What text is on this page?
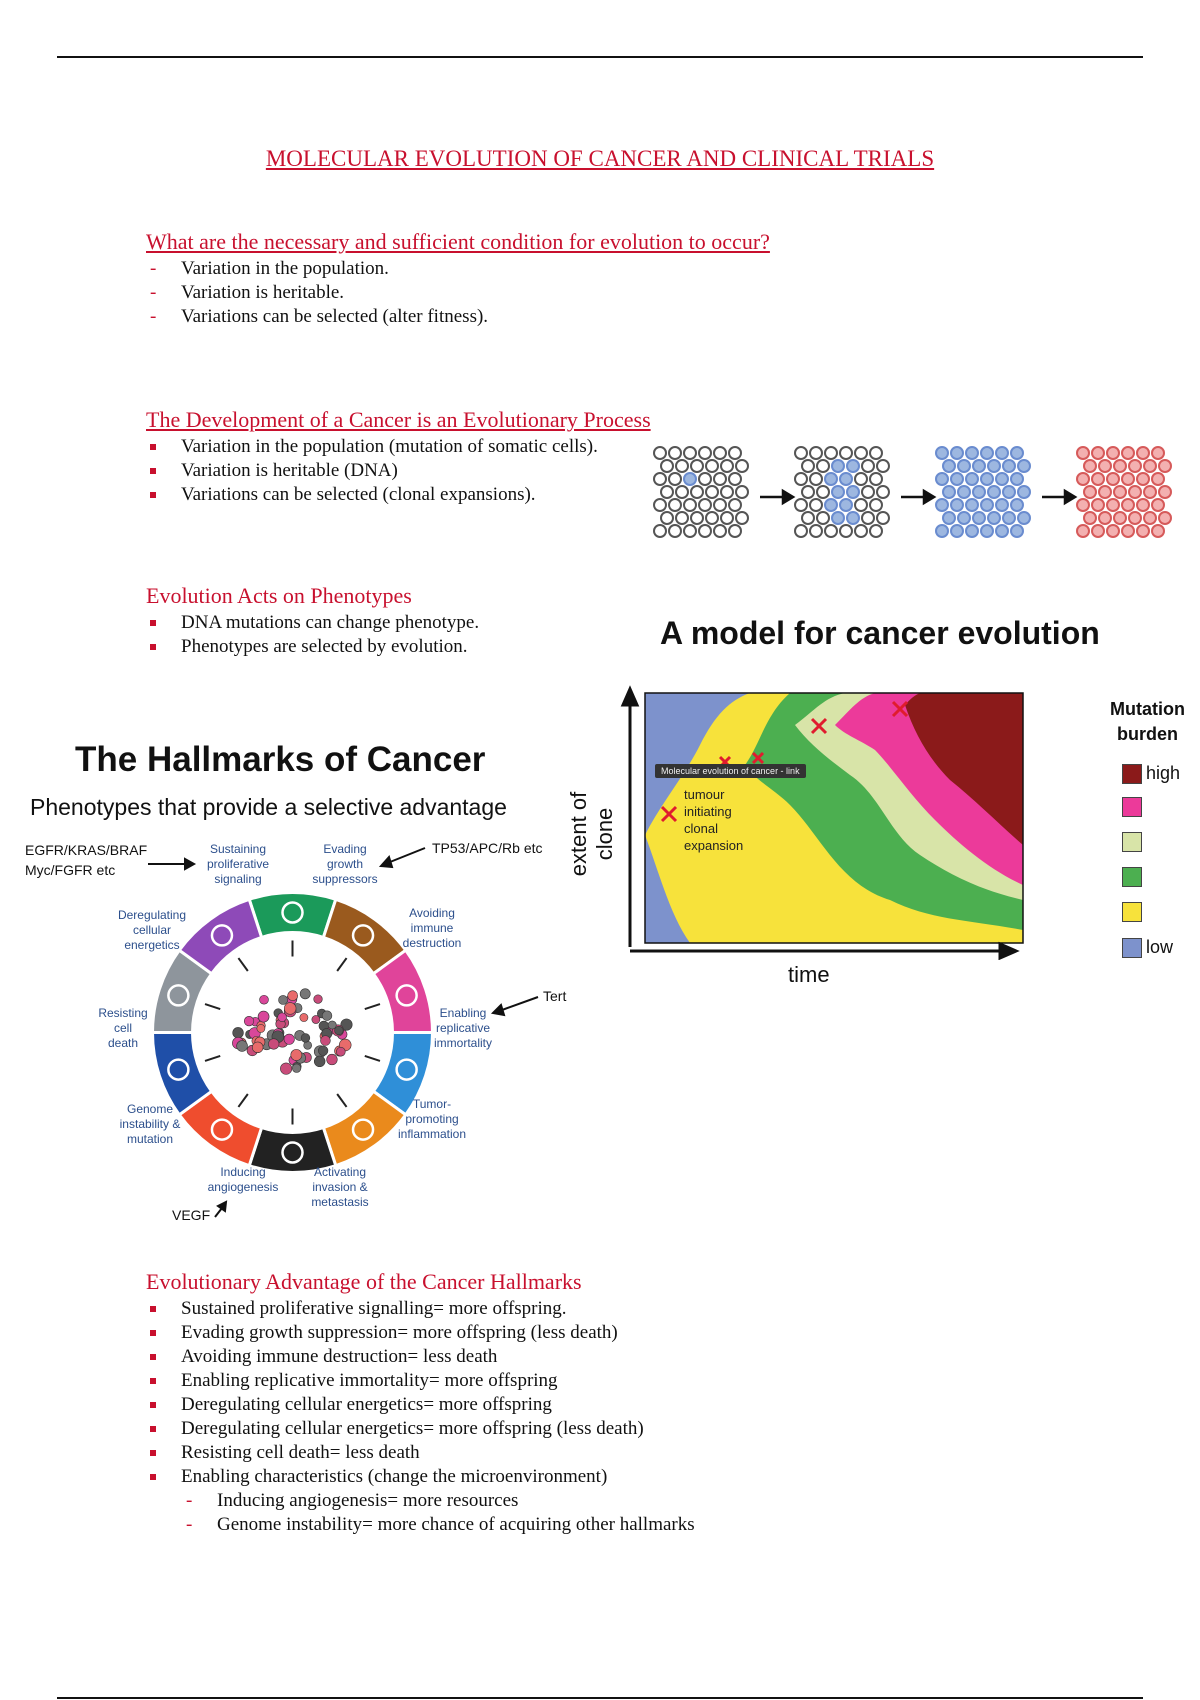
MOLECULAR EVOLUTION OF CANCER AND CLINICAL TRIALS
What are the necessary and sufficient condition for evolution to occur?
- Variation in the population.
- Variation is heritable.
- Variations can be selected (alter fitness).
The Development of a Cancer is an Evolutionary Process
Variation in the population (mutation of somatic cells).
Variation is heritable (DNA)
Variations can be selected (clonal expansions).
Evolution Acts on Phenotypes
DNA mutations can change phenotype.
Phenotypes are selected by evolution.	A model for cancer evolution
Molecular evolution of cancer - link
tumour
initiating
clonal
expansion
extent of clone
time
Mutation
burden
high
low
The Hallmarks of Cancer
Phenotypes that provide a selective advantage
EGFR/KRAS/BRAF
Myc/FGFR etc
TP53/APC/Rb etc
Tert
VEGF
Sustaining
proliferative
signaling
Evading
growth
suppressors
Deregulating
cellular
energetics
Avoiding
immune
destruction
Resisting
cell
death
Enabling
replicative
immortality
Genome
instability &
mutation
Tumor-
promoting
inflammation
Inducing
angiogenesis
Activating
invasion &
metastasis
Evolutionary Advantage of the Cancer Hallmarks
Sustained proliferative signalling= more offspring.
Evading growth suppression= more offspring (less death)
Avoiding immune destruction= less death
Enabling replicative immortality= more offspring
Deregulating cellular energetics= more offspring
Deregulating cellular energetics= more offspring (less death)
Resisting cell death= less death
Enabling characteristics (change the microenvironment)
- Inducing angiogenesis= more resources
- Genome instability= more chance of acquiring other hallmarks
